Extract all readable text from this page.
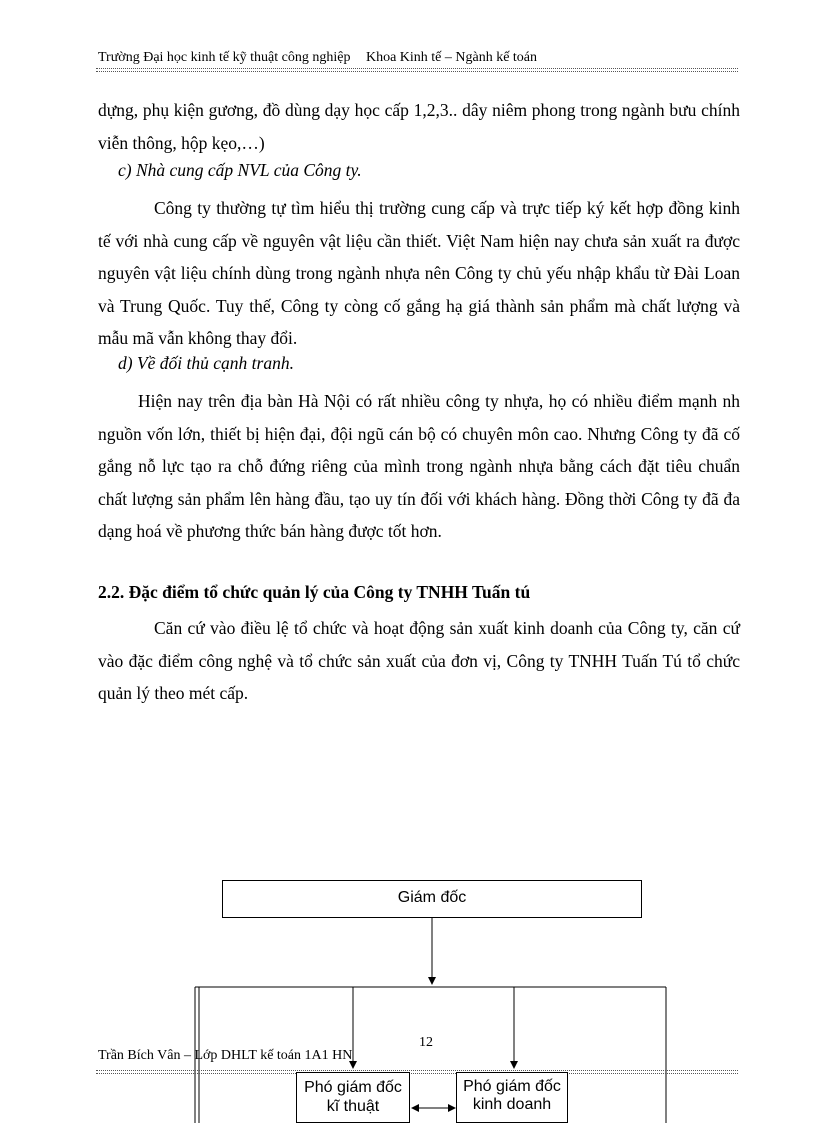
Trường Đại học kinh tế kỹ thuật công nghiệp Khoa Kinh tế – Ngành kế toán
dựng, phụ kiện gương, đồ dùng dạy học cấp 1,2,3.. dây niêm phong trong ngành bưu chính viễn thông, hộp kẹo,…)
c) Nhà cung cấp NVL của Công ty.
Công ty thường tự tìm hiểu thị trường cung cấp và trực tiếp ký kết hợp đồng kinh tế với nhà cung cấp về nguyên vật liệu cần thiết. Việt Nam hiện nay chưa sản xuất ra được nguyên vật liệu chính dùng trong ngành nhựa nên Công ty chủ yếu nhập khẩu từ Đài Loan và Trung Quốc. Tuy thế, Công ty còng cố gắng hạ giá thành sản phẩm mà chất lượng và mẫu mã vẫn không thay đổi.
d) Về đối thủ cạnh tranh.
Hiện nay trên địa bàn Hà Nội có rất nhiều công ty nhựa, họ có nhiều điểm mạnh nh nguồn vốn lớn, thiết bị hiện đại, đội ngũ cán bộ có chuyên môn cao. Nhưng Công ty đã cố gắng nỗ lực tạo ra chỗ đứng riêng của mình trong ngành nhựa bằng cách đặt tiêu chuẩn chất lượng sản phẩm lên hàng đầu, tạo uy tín đối với khách hàng. Đồng thời Công ty đã đa dạng hoá về phương thức bán hàng được tốt hơn.
2.2. Đặc điểm tổ chức quản lý của Công ty TNHH Tuấn tú
Căn cứ vào điều lệ tổ chức và hoạt động sản xuất kinh doanh của Công ty, căn cứ vào đặc điểm công nghệ và tổ chức sản xuất của đơn vị, Công ty TNHH Tuấn Tú tổ chức quản lý theo mét cấp.
Giám đốc
12
Trần Bích Vân – Lớp DHLT kế toán 1A1 HN
Phó giám đốc kĩ thuật
Phó giám đốc kinh doanh
